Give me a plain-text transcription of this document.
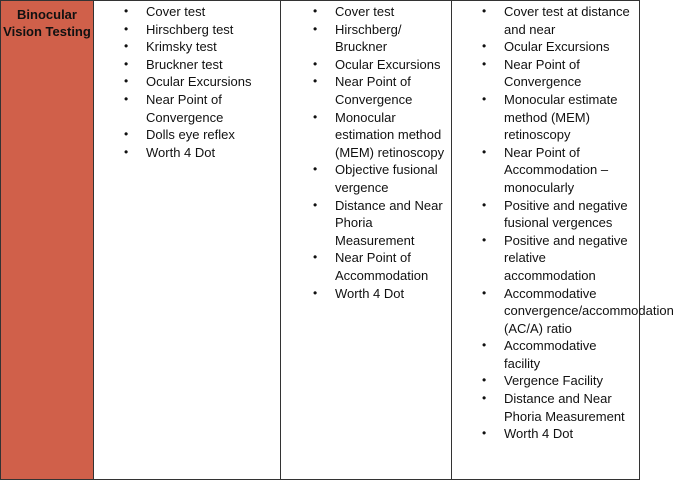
Binocular Vision Testing

•	Cover test
•	Hirschberg test
•	Krimsky test
•	Bruckner test
•	Ocular Excursions
•	Near Point of Convergence
•	Dolls eye reflex
•	Worth 4 Dot

•	Cover test
•	Hirschberg/ Bruckner
•	Ocular Excursions
•	Near Point of Convergence
•	Monocular estimation method (MEM) retinoscopy
•	Objective fusional vergence
•	Distance and Near Phoria Measurement
•	Near Point of Accommodation
•	Worth 4 Dot

•	Cover test at distance and near
•	Ocular Excursions
•	Near Point of Convergence
•	Monocular estimate method (MEM) retinoscopy
•	Near Point of Accommodation – monocularly
•	Positive and negative fusional vergences
•	Positive and negative relative accommodation
•	Accommodative convergence/accommodation (AC/A) ratio
•	Accommodative facility
•	Vergence Facility
•	Distance and Near Phoria Measurement
•	Worth 4 Dot
